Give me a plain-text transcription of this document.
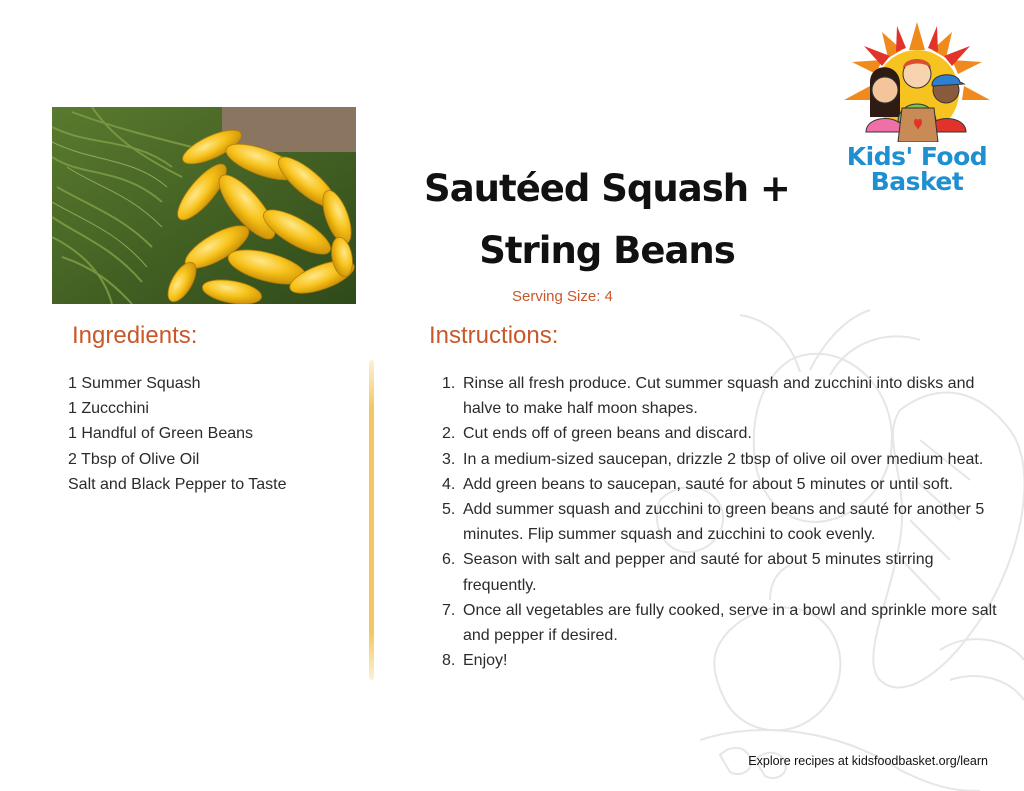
Kids' Food
Basket
Sautéed Squash +
String Beans
Serving Size: 4
Ingredients:
1 Summer Squash
1 Zuccchini
1 Handful of Green Beans
2 Tbsp of Olive Oil
Salt and Black Pepper to Taste
Instructions:
1. Rinse all fresh produce. Cut summer squash and zucchini into disks and halve to make half moon shapes.
2. Cut ends off of green beans and discard.
3. In a medium-sized saucepan, drizzle 2 tbsp of olive oil over medium heat.
4. Add green beans to saucepan, sauté for about 5 minutes or until soft.
5. Add summer squash and zucchini to green beans and sauté for another 5 minutes. Flip summer squash and zucchini to cook evenly.
6. Season with salt and pepper and sauté for about 5 minutes stirring frequently.
7. Once all vegetables are fully cooked, serve in a bowl and sprinkle more salt and pepper if desired.
8. Enjoy!
Explore recipes at kidsfoodbasket.org/learn
